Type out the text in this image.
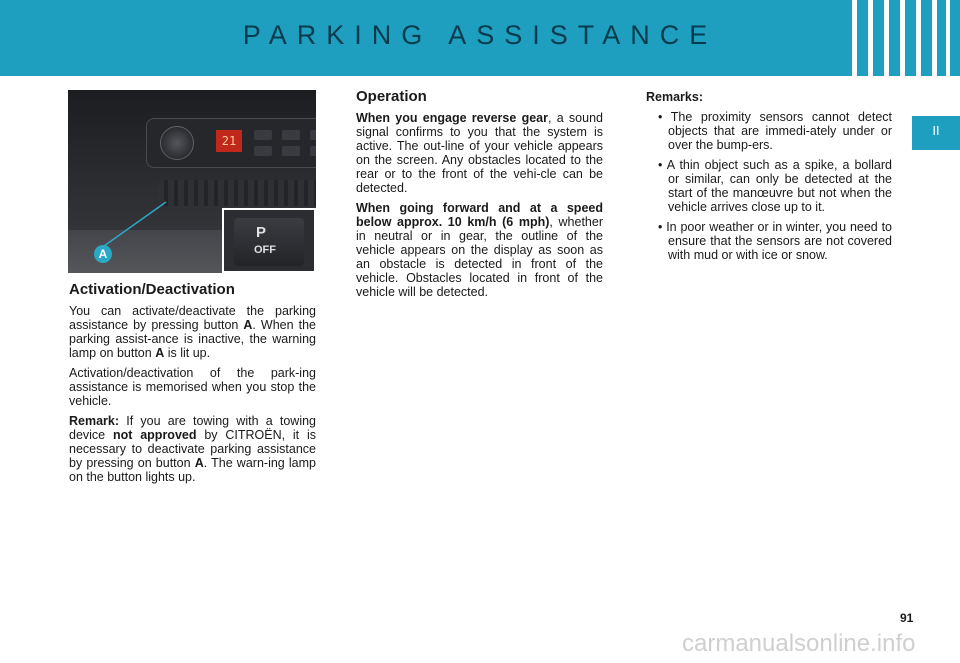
PARKING ASSISTANCE
II
21
P
OFF
A
Activation/Deactivation

You can activate/deactivate the parking assistance by pressing button A. When the parking assist-ance is inactive, the warning lamp on button A is lit up.

Activation/deactivation of the park-ing assistance is memorised when you stop the vehicle.

Remark: If you are towing with a towing device not approved by CITROËN, it is necessary to deactivate parking assistance by pressing on button A. The warn-ing lamp on the button lights up.

Operation

When you engage reverse gear, a sound signal confirms to you that the system is active. The out-line of your vehicle appears on the screen. Any obstacles located to the rear or to the front of the vehi-cle can be detected.

When going forward and at a speed below approx. 10 km/h (6 mph), whether in neutral or in gear, the outline of the vehicle appears on the display as soon as an obstacle is detected in front of the vehicle. Obstacles located in front of the vehicle will be detected.

Remarks:

• The proximity sensors cannot detect objects that are immedi-ately under or over the bump-ers.
• A thin object such as a spike, a bollard or similar, can only be detected at the start of the manœuvre but not when the vehicle arrives close up to it.
• In poor weather or in winter, you need to ensure that the sensors are not covered with mud or with ice or snow.
91
carmanualsonline.info
